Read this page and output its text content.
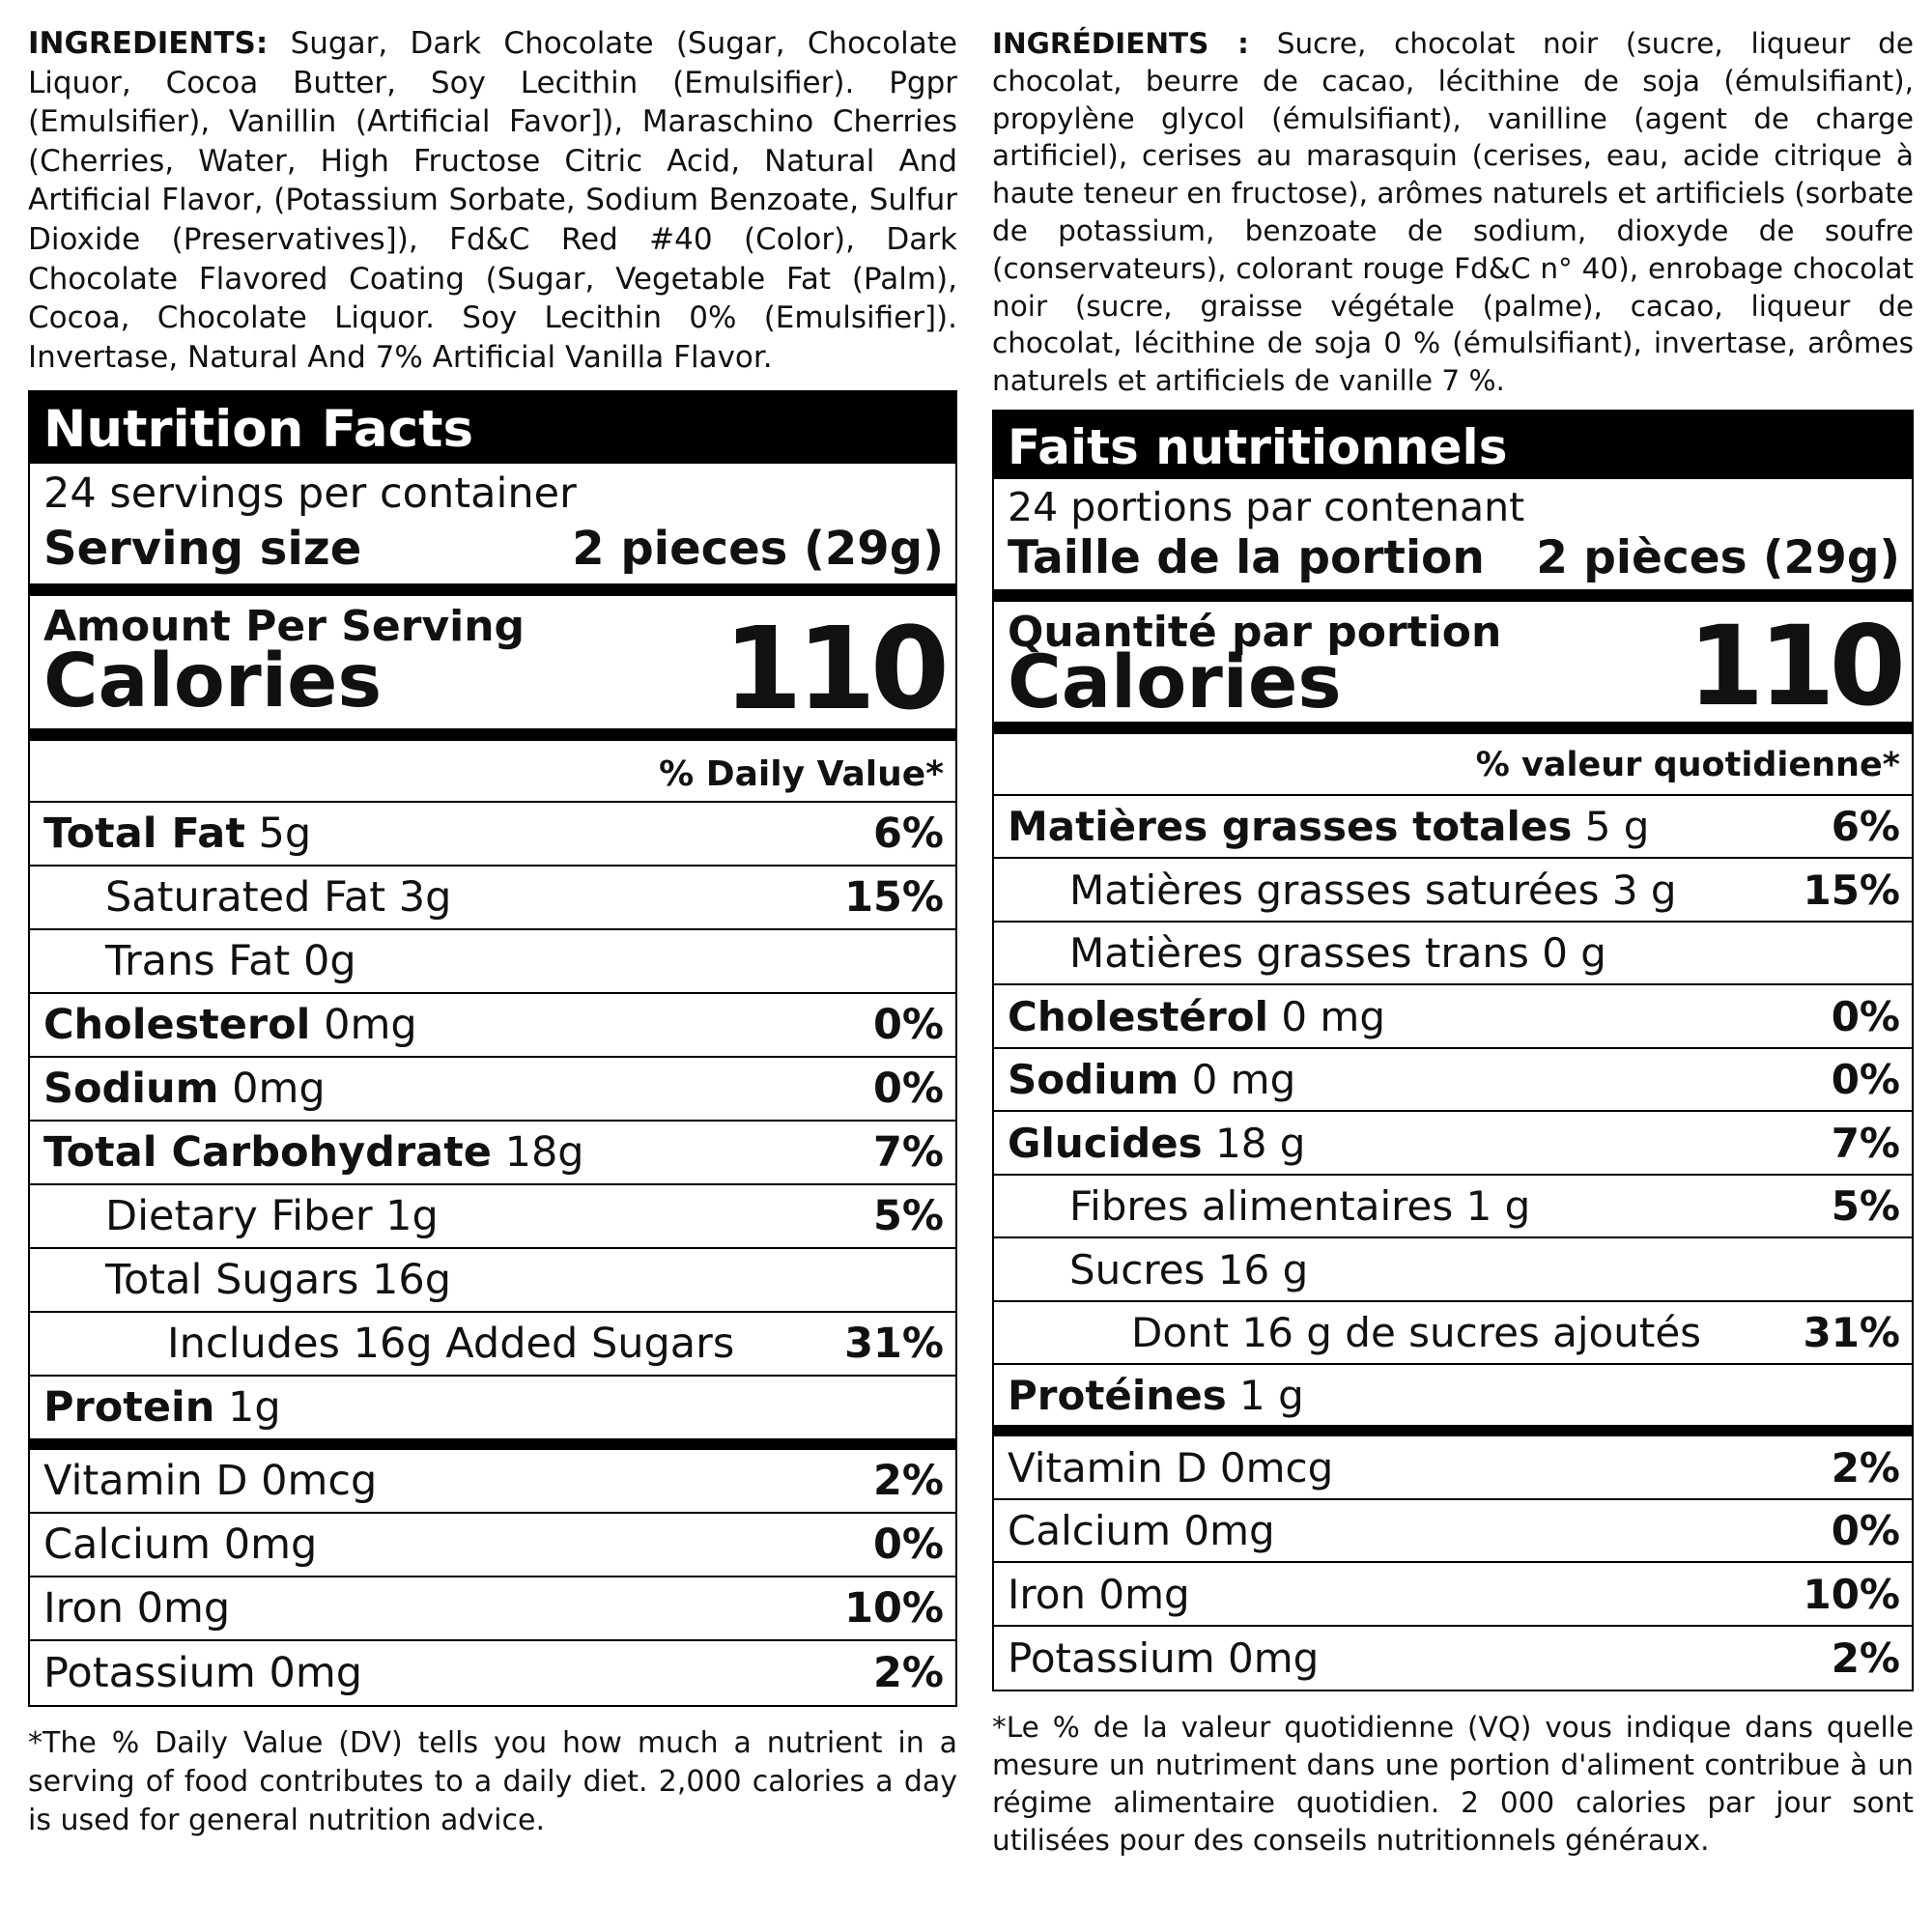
INGREDIENTS: Sugar, Dark Chocolate (Sugar, Chocolate Liquor, Cocoa Butter, Soy Lecithin (Emulsifier). Pgpr (Emulsifier), Vanillin (Artificial Favor]), Maraschino Cherries (Cherries, Water, High Fructose Citric Acid, Natural And Artificial Flavor, (Potassium Sorbate, Sodium Benzoate, Sulfur Dioxide (Preservatives]), Fd&C Red #40 (Color), Dark Chocolate Flavored Coating (Sugar, Vegetable Fat (Palm), Cocoa, Chocolate Liquor. Soy Lecithin 0% (Emulsifier]). Invertase, Natural And 7% Artificial Vanilla Flavor.

Nutrition Facts
24 servings per container
Serving size	2 pieces (29g)
Amount Per Serving
Calories	110
% Daily Value*
Total Fat 5g	6%
Saturated Fat 3g	15%
Trans Fat 0g
Cholesterol 0mg	0%
Sodium 0mg	0%
Total Carbohydrate 18g	7%
Dietary Fiber 1g	5%
Total Sugars 16g
Includes 16g Added Sugars	31%
Protein 1g
Vitamin D 0mcg	2%
Calcium 0mg	0%
Iron 0mg	10%
Potassium 0mg	2%

*The % Daily Value (DV) tells you how much a nutrient in a serving of food contributes to a daily diet. 2,000 calories a day is used for general nutrition advice.

INGRÉDIENTS : Sucre, chocolat noir (sucre, liqueur de chocolat, beurre de cacao, lécithine de soja (émulsifiant), propylène glycol (émulsifiant), vanilline (agent de charge artificiel), cerises au marasquin (cerises, eau, acide citrique à haute teneur en fructose), arômes naturels et artificiels (sorbate de potassium, benzoate de sodium, dioxyde de soufre (conservateurs), colorant rouge Fd&C n° 40), enrobage chocolat noir (sucre, graisse végétale (palme), cacao, liqueur de chocolat, lécithine de soja 0 % (émulsifiant), invertase, arômes naturels et artificiels de vanille 7 %.

Faits nutritionnels
24 portions par contenant
Taille de la portion 2 pièces (29g)
Quantité par portion
Calories	110
% valeur quotidienne*
Matières grasses totales 5 g	6%
Matières grasses saturées 3 g	15%
Matières grasses trans 0 g
Cholestérol 0 mg	0%
Sodium 0 mg	0%
Glucides 18 g	7%
Fibres alimentaires 1 g	5%
Sucres 16 g
Dont 16 g de sucres ajoutés	31%
Protéines 1 g
Vitamin D 0mcg	2%
Calcium 0mg	0%
Iron 0mg	10%
Potassium 0mg	2%

*Le % de la valeur quotidienne (VQ) vous indique dans quelle mesure un nutriment dans une portion d'aliment contribue à un régime alimentaire quotidien. 2 000 calories par jour sont utilisées pour des conseils nutritionnels généraux.
